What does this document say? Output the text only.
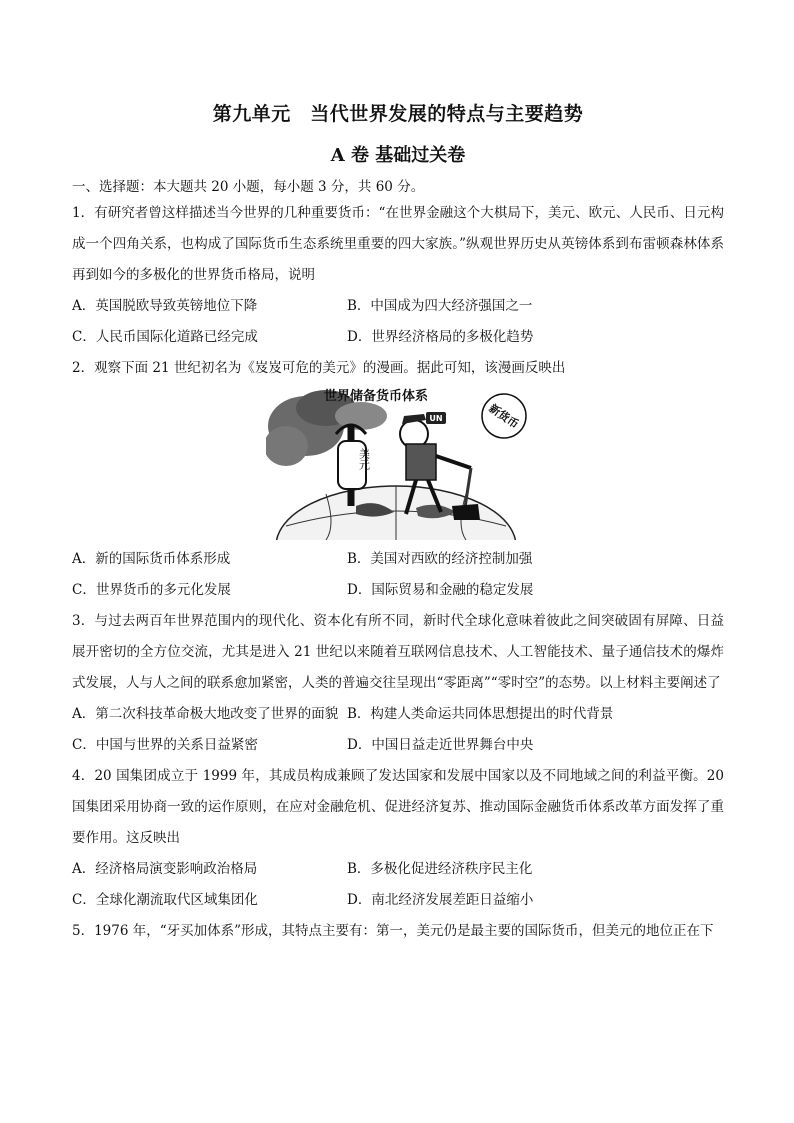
第九单元　当代世界发展的特点与主要趋势
A 卷 基础过关卷
一、选择题：本大题共 20 小题，每小题 3 分，共 60 分。
1．有研究者曾这样描述当今世界的几种重要货币：“在世界金融这个大棋局下，美元、欧元、人民币、日元构成一个四角关系，也构成了国际货币生态系统里重要的四大家族。”纵观世界历史从英镑体系到布雷顿森林体系再到如今的多极化的世界货币格局，说明
A．英国脱欧导致英镑地位下降	B．中国成为四大经济强国之一
C．人民币国际化道路已经完成	D．世界经济格局的多极化趋势
2．观察下面 21 世纪初名为《岌岌可危的美元》的漫画。据此可知，该漫画反映出
UN
世界储备货币体系
美元
新货币
A．新的国际货币体系形成	B．美国对西欧的经济控制加强
C．世界货币的多元化发展	D．国际贸易和金融的稳定发展
3．与过去两百年世界范围内的现代化、资本化有所不同，新时代全球化意味着彼此之间突破固有屏障、日益展开密切的全方位交流，尤其是进入 21 世纪以来随着互联网信息技术、人工智能技术、量子通信技术的爆炸式发展，人与人之间的联系愈加紧密，人类的普遍交往呈现出“零距离”“零时空”的态势。以上材料主要阐述了
A．第二次科技革命极大地改变了世界的面貌 B．构建人类命运共同体思想提出的时代背景
C．中国与世界的关系日益紧密	D．中国日益走近世界舞台中央
4．20 国集团成立于 1999 年，其成员构成兼顾了发达国家和发展中国家以及不同地域之间的利益平衡。20 国集团采用协商一致的运作原则，在应对金融危机、促进经济复苏、推动国际金融货币体系改革方面发挥了重要作用。这反映出
A．经济格局演变影响政治格局	B．多极化促进经济秩序民主化
C．全球化潮流取代区域集团化	D．南北经济发展差距日益缩小
5．1976 年，“牙买加体系”形成，其特点主要有：第一，美元仍是最主要的国际货币，但美元的地位正在下
